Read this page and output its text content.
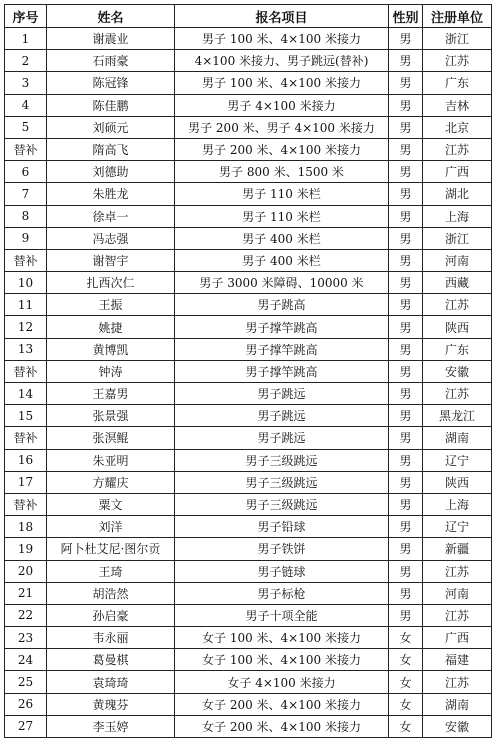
序号	姓名	报名项目	性别	注册单位
1	谢震业	男子 100 米、4×100 米接力	男	浙江
2	石雨豪	4×100 米接力、男子跳远(替补)	男	江苏
3	陈冠锋	男子 100 米、4×100 米接力	男	广东
4	陈佳鹏	男子 4×100 米接力	男	吉林
5	刘硕元	男子 200 米、男子 4×100 米接力	男	北京
替补	隋高飞	男子 200 米、4×100 米接力	男	江苏
6	刘德助	男子 800 米、1500 米	男	广西
7	朱胜龙	男子 110 米栏	男	湖北
8	徐卓一	男子 110 米栏	男	上海
9	冯志强	男子 400 米栏	男	浙江
替补	谢智宇	男子 400 米栏	男	河南
10	扎西次仁	男子 3000 米障碍、10000 米	男	西藏
11	王振	男子跳高	男	江苏
12	姚捷	男子撑竿跳高	男	陕西
13	黄博凯	男子撑竿跳高	男	广东
替补	钟涛	男子撑竿跳高	男	安徽
14	王嘉男	男子跳远	男	江苏
15	张景强	男子跳远	男	黑龙江
替补	张溟鲲	男子跳远	男	湖南
16	朱亚明	男子三级跳远	男	辽宁
17	方耀庆	男子三级跳远	男	陕西
替补	粟文	男子三级跳远	男	上海
18	刘洋	男子铅球	男	辽宁
19	阿卜杜艾尼·图尔贡	男子铁饼	男	新疆
20	王琦	男子链球	男	江苏
21	胡浩然	男子标枪	男	河南
22	孙启豪	男子十项全能	男	江苏
23	韦永丽	女子 100 米、4×100 米接力	女	广西
24	葛曼棋	女子 100 米、4×100 米接力	女	福建
25	袁琦琦	女子 4×100 米接力	女	江苏
26	黄瑰芬	女子 200 米、4×100 米接力	女	湖南
27	李玉婷	女子 200 米、4×100 米接力	女	安徽
